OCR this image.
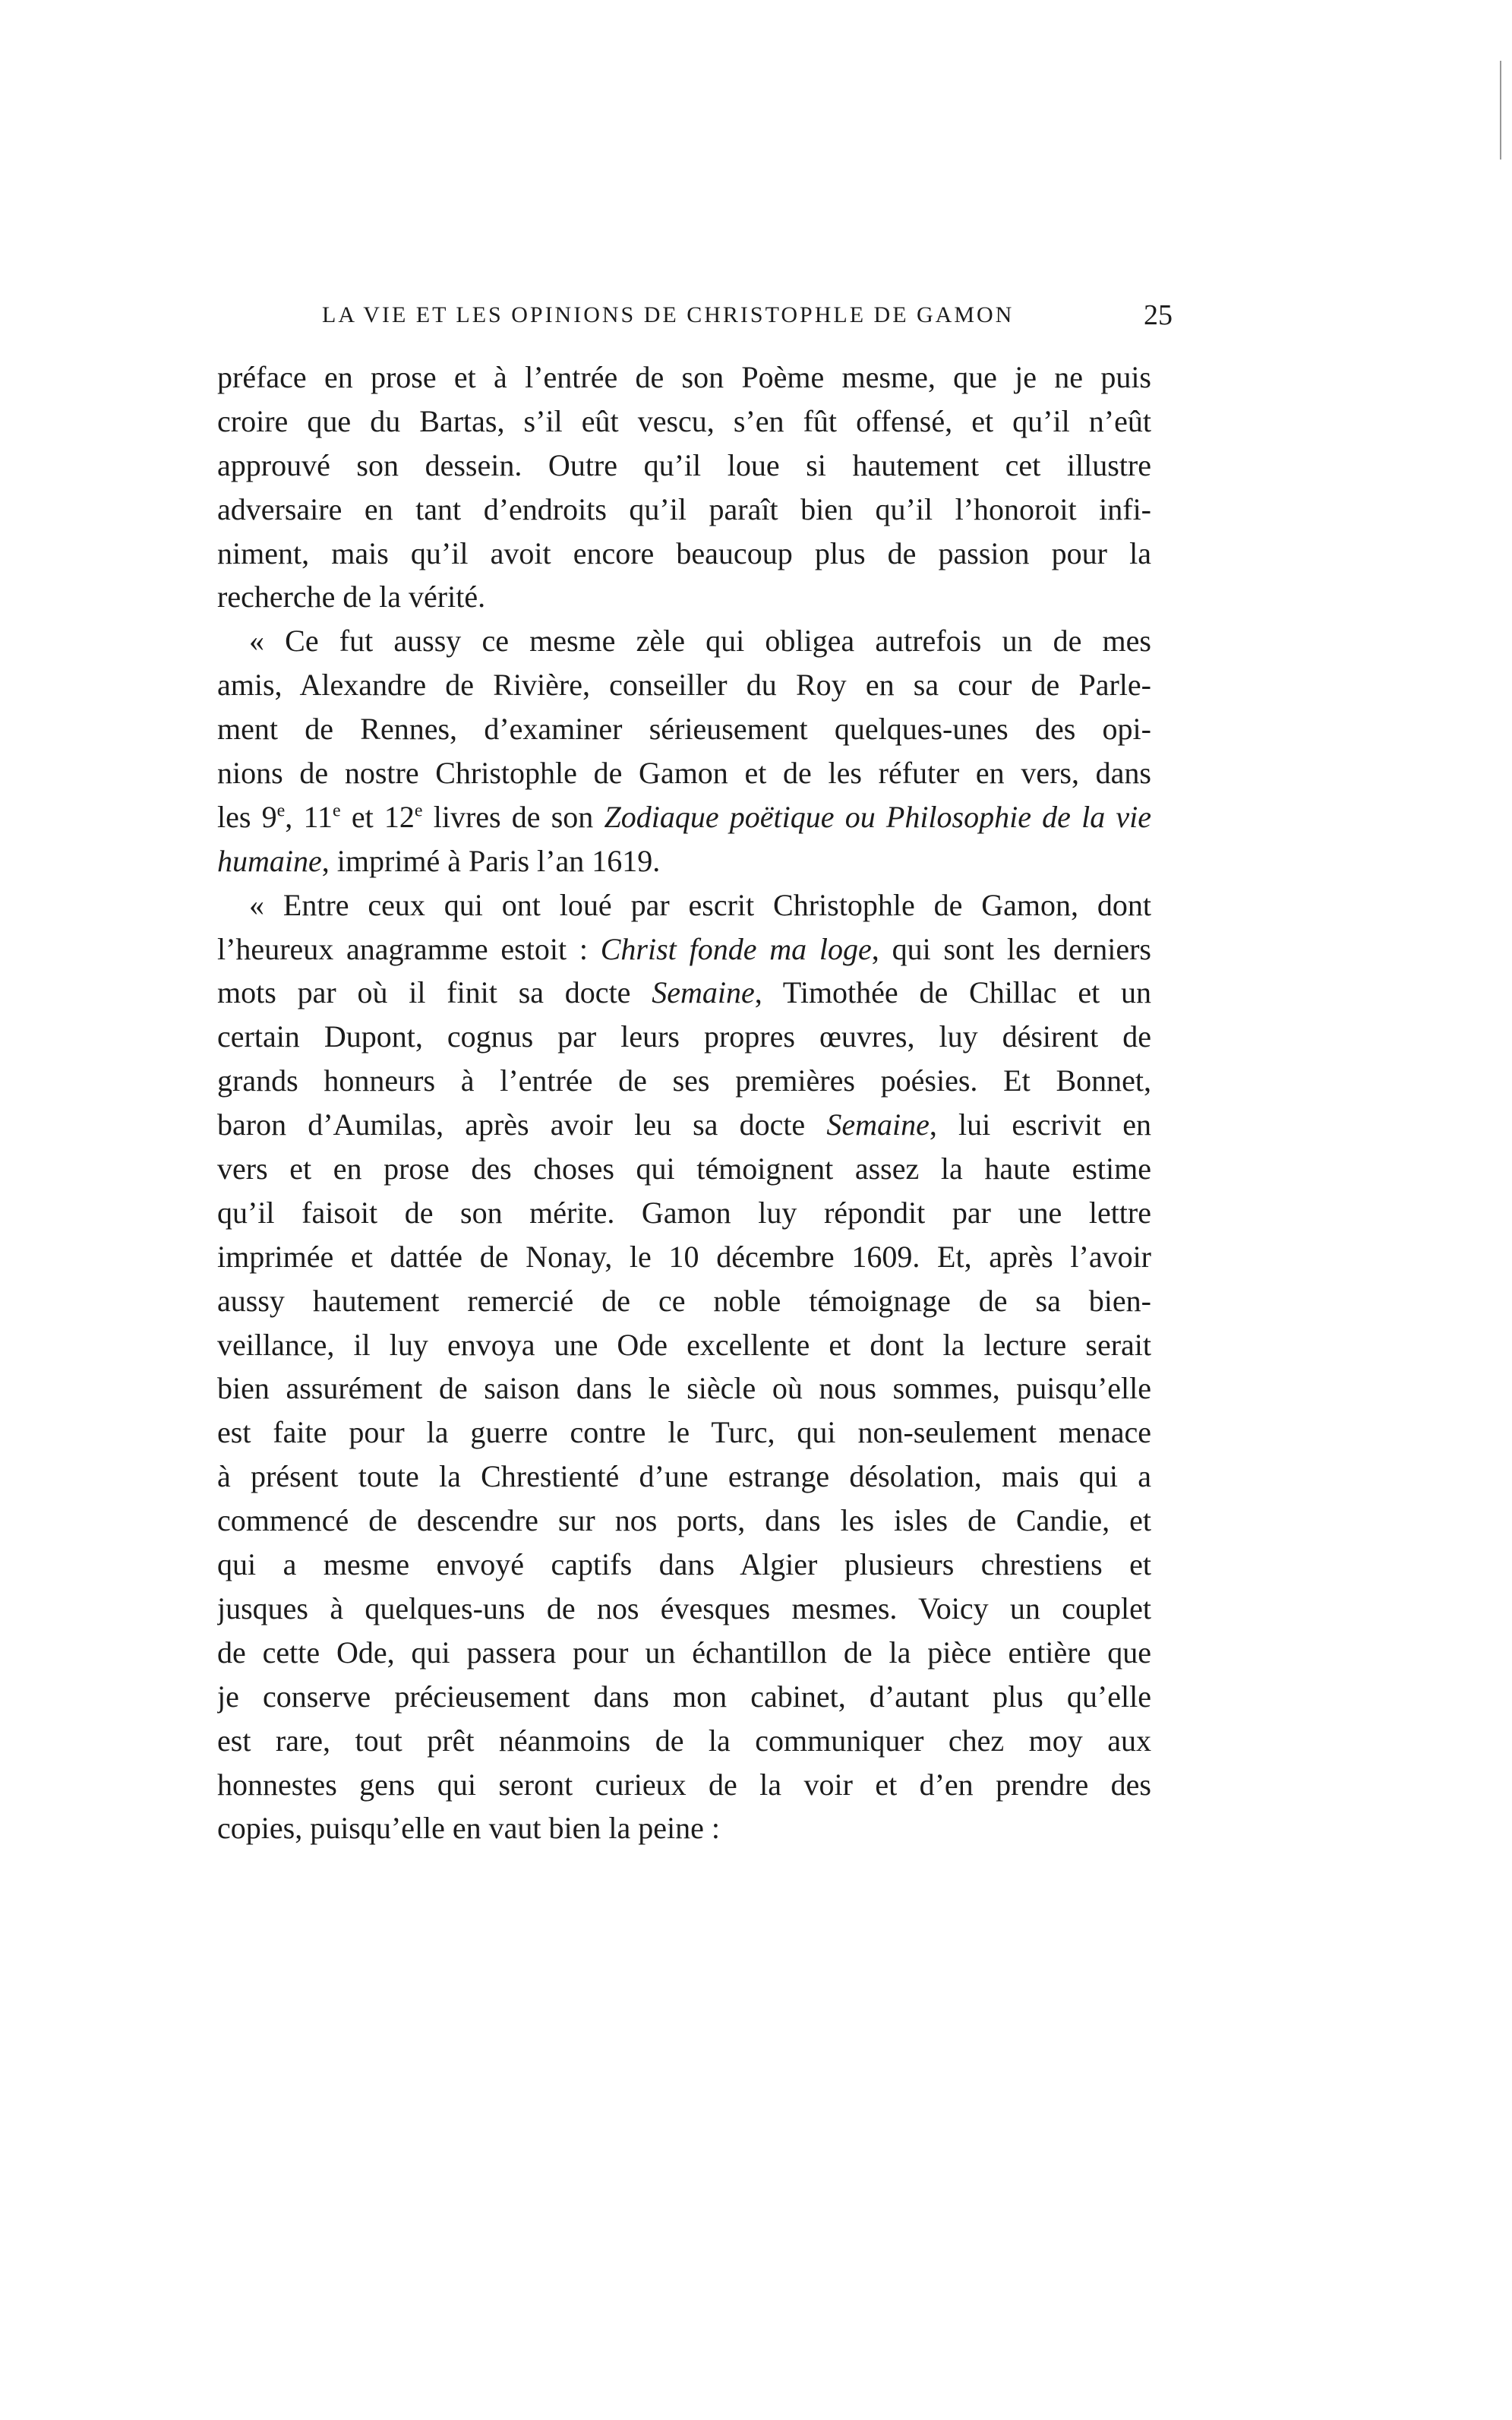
LA VIE ET LES OPINIONS DE CHRISTOPHLE DE GAMON	25
préface en prose et à l’entrée de son Poème mesme, que je ne puis
croire que du Bartas, s’il eût vescu, s’en fût offensé, et qu’il n’eût
approuvé son dessein. Outre qu’il loue si hautement cet illustre
adversaire en tant d’endroits qu’il paraît bien qu’il l’honoroit infi-
niment, mais qu’il avoit encore beaucoup plus de passion pour la
recherche de la vérité.
« Ce fut aussy ce mesme zèle qui obligea autrefois un de mes
amis, Alexandre de Rivière, conseiller du Roy en sa cour de Parle-
ment de Rennes, d’examiner sérieusement quelques-unes des opi-
nions de nostre Christophle de Gamon et de les réfuter en vers, dans
les 9e, 11e et 12e livres de son Zodiaque poëtique ou Philosophie de la vie
humaine, imprimé à Paris l’an 1619.
« Entre ceux qui ont loué par escrit Christophle de Gamon, dont
l’heureux anagramme estoit : Christ fonde ma loge, qui sont les derniers
mots par où il finit sa docte Semaine, Timothée de Chillac et un
certain Dupont, cognus par leurs propres œuvres, luy désirent de
grands honneurs à l’entrée de ses premières poésies. Et Bonnet,
baron d’Aumilas, après avoir leu sa docte Semaine, lui escrivit en
vers et en prose des choses qui témoignent assez la haute estime
qu’il faisoit de son mérite. Gamon luy répondit par une lettre
imprimée et dattée de Nonay, le 10 décembre 1609. Et, après l’avoir
aussy hautement remercié de ce noble témoignage de sa bien-
veillance, il luy envoya une Ode excellente et dont la lecture serait
bien assurément de saison dans le siècle où nous sommes, puisqu’elle
est faite pour la guerre contre le Turc, qui non-seulement menace
à présent toute la Chrestienté d’une estrange désolation, mais qui a
commencé de descendre sur nos ports, dans les isles de Candie, et
qui a mesme envoyé captifs dans Algier plusieurs chrestiens et
jusques à quelques-uns de nos évesques mesmes. Voicy un couplet
de cette Ode, qui passera pour un échantillon de la pièce entière que
je conserve précieusement dans mon cabinet, d’autant plus qu’elle
est rare, tout prêt néanmoins de la communiquer chez moy aux
honnestes gens qui seront curieux de la voir et d’en prendre des
copies, puisqu’elle en vaut bien la peine :
